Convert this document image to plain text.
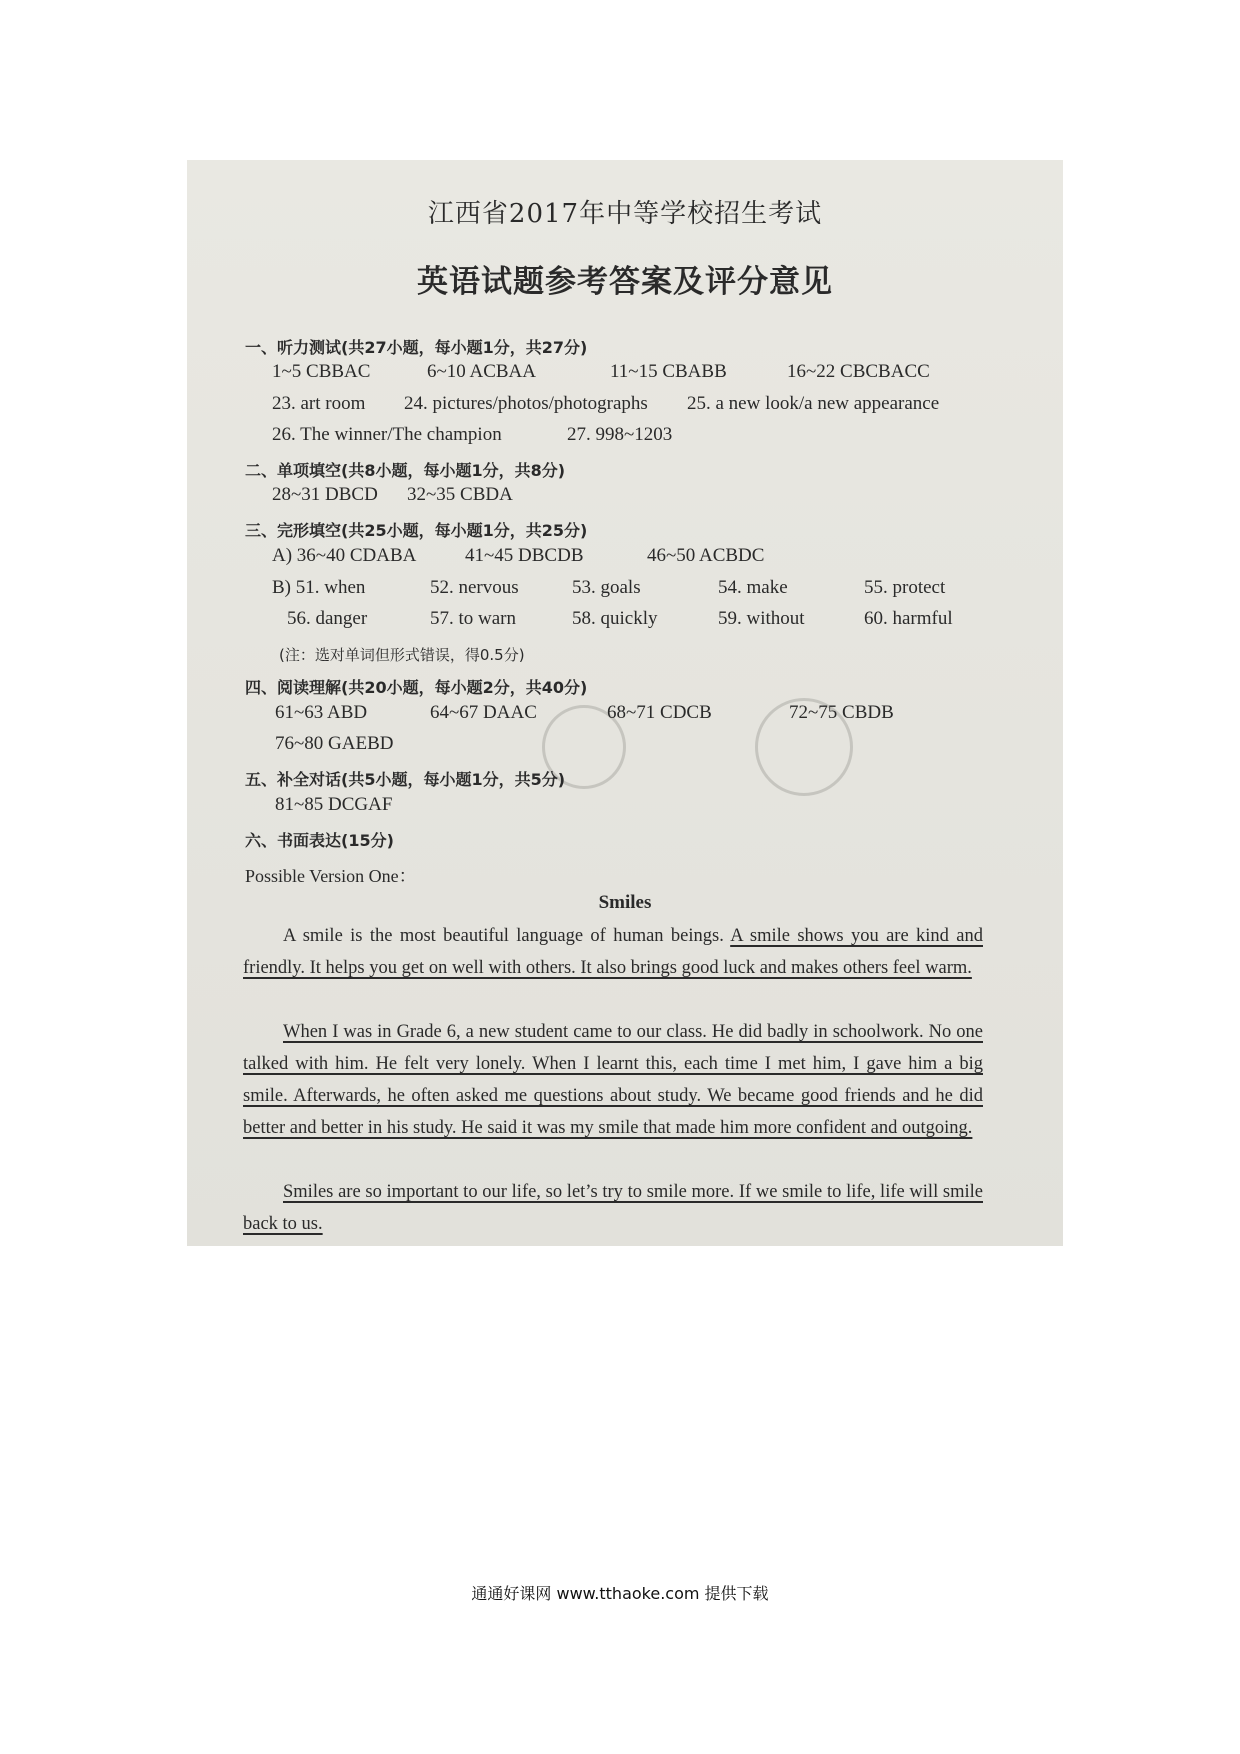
江西省2017年中等学校招生考试
英语试题参考答案及评分意见
一、听力测试(共27小题，每小题1分，共27分)
1~5 CBBAC	6~10 ACBAA	11~15 CBABB	16~22 CBCBACC
23. art room 24. pictures/photos/photographs 25. a new look/a new appearance
26. The winner/The champion	27. 998~1203
二、单项填空(共8小题，每小题1分，共8分)
28~31 DBCD 32~35 CBDA
三、完形填空(共25小题，每小题1分，共25分)
A) 36~40 CDABA	41~45 DBCDB	46~50 ACBDC
B) 51. when	52. nervous	53. goals	54. make	55. protect
56. danger	57. to warn	58. quickly	59. without	60. harmful
(注：选对单词但形式错误，得0.5分)
四、阅读理解(共20小题，每小题2分，共40分)
61~63 ABD	64~67 DAAC	68~71 CDCB	72~75 CBDB
76~80 GAEBD
五、补全对话(共5小题，每小题1分，共5分)
81~85 DCGAF
六、书面表达(15分)
Possible Version One：
Smiles
A smile is the most beautiful language of human beings. A smile shows you are kind and friendly. It helps you get on well with others. It also brings good luck and makes others feel warm.
When I was in Grade 6, a new student came to our class. He did badly in schoolwork. No one talked with him. He felt very lonely. When I learnt this, each time I met him, I gave him a big smile. Afterwards, he often asked me questions about study. We became good friends and he did better and better in his study. He said it was my smile that made him more confident and outgoing.
Smiles are so important to our life, so let’s try to smile more. If we smile to life, life will smile back to us.
通通好课网 www.tthaoke.com 提供下载
